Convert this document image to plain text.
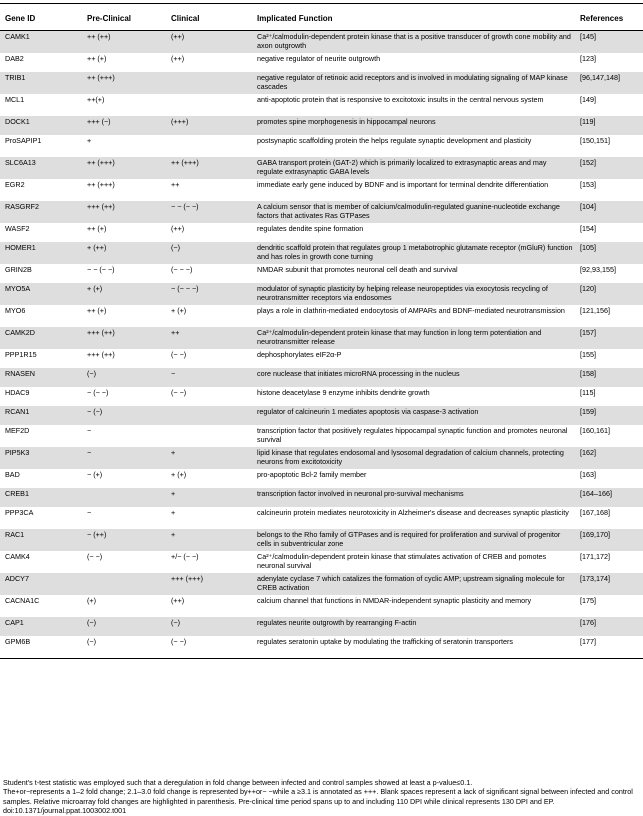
Gene ID	Pre-Clinical	Clinical	Implicated Function	References
CAMK1	++ (++)	(++)	Ca²⁺/calmodulin-dependent protein kinase that is a positive transducer of growth cone mobility and axon outgrowth	[145]
DAB2	++ (+)	(++)	negative regulator of neurite outgrowth	[123]
TRIB1	++ (+++)		negative regulator of retinoic acid receptors and is involved in modulating signaling of MAP kinase cascades	[96,147,148]
MCL1	++(+)		anti-apoptotic protein that is responsive to excitotoxic insults in the central nervous system	[149]
DOCK1	+++ (−)	(+++)	promotes spine morphogenesis in hippocampal neurons	[119]
ProSAPIP1	+		postsynaptic scaffolding protein the helps regulate synaptic development and plasticity	[150,151]
SLC6A13	++ (+++)	++ (+++)	GABA transport protein (GAT-2) which is primarily localized to extrasynaptic areas and may regulate extrasynaptic GABA levels	[152]
EGR2	++ (+++)	++	immediate early gene induced by BDNF and is important for terminal dendrite differentiation	[153]
RASGRF2	+++ (++)	− − (− −)	A calcium sensor that is member of calcium/calmodulin-regulated guanine-nucleotide exchange factors that activates Ras GTPases	[104]
WASF2	++ (+)	(++)	regulates dendite spine formation	[154]
HOMER1	+ (++)	(−)	dendritic scaffold protein that regulates group 1 metabotrophic glutamate receptor (mGluR) function and has roles in growth cone turning	[105]
GRIN2B	− − (− −)	(− − −)	NMDAR subunit that promotes neuronal cell death and survival	[92,93,155]
MYO5A	+ (+)	− (− − −)	modulator of synaptic plasticity by helping release neuropeptides via exocytosis recycling of neurotransmitter receptors via endosomes	[120]
MYO6	++ (+)	+ (+)	plays a role in clathrin-mediated endocytosis of AMPARs and BDNF-mediated neurotransmission	[121,156]
CAMK2D	+++ (++)	++	Ca²⁺/calmodulin-dependent protein kinase that may function in long term potentiation and neurotransmitter release	[157]
PPP1R15	+++ (++)	(− −)	dephosphorylates eIF2α-P	[155]
RNASEN	(−)	−	core nuclease that initiates microRNA processing in the nucleus	[158]
HDAC9	− (− −)	(− −)	histone deacetylase 9 enzyme inhibits dendrite growth	[115]
RCAN1	− (−)		regulator of calcineurin 1 mediates apoptosis via caspase-3 activation	[159]
MEF2D	−		transcription factor that positively regulates hippocampal synaptic function and promotes neuronal survival	[160,161]
PIP5K3	−	+	lipid kinase that regulates endosomal and lysosomal degradation of calcium channels, protecting neurons from excitotoxicity	[162]
BAD	− (+)	+ (+)	pro-apoptotic Bcl-2 family member	[163]
CREB1		+	transcription factor involved in neuronal pro-survival mechanisms	[164–166]
PPP3CA	−	+	calcineurin protein mediates neurotoxicity in Alzheimer's disease and decreases synaptic plasticity	[167,168]
RAC1	− (++)	+	belongs to the Rho family of GTPases and is required for proliferation and survival of progenitor cells in subventricular zone	[169,170]
CAMK4	(− −)	+/− (− −)	Ca²⁺/calmodulin-dependent protein kinase that stimulates activation of CREB and pomotes neuronal survival	[171,172]
ADCY7		+++ (+++)	adenylate cyclase 7 which catalizes the formation of cyclic AMP; upstream signaling molecule for CREB activation	[173,174]
CACNA1C	(+)	(++)	calcium channel that functions in NMDAR-independent synaptic plasticity and memory	[175]
CAP1	(−)	(−)	regulates neurite outgrowth by rearranging F-actin	[176]
GPM6B	(−)	(− −)	regulates seratonin uptake by modulating the trafficking of seratonin transporters	[177]

Student's t-test statistic was employed such that a deregulation in fold change between infected and control samples showed at least a p-value≤0.1.

The+or−represents a 1–2 fold change; 2.1–3.0 fold change is represented by++or− −while a ≥3.1 is annotated as +++. Blank spaces represent a lack of significant signal between infected and control samples. Relative microarray fold changes are highlighted in parenthesis. Pre-clinical time period spans up to and including 110 DPI while clinical represents 130 DPI and EP.

doi:10.1371/journal.ppat.1003002.t001
